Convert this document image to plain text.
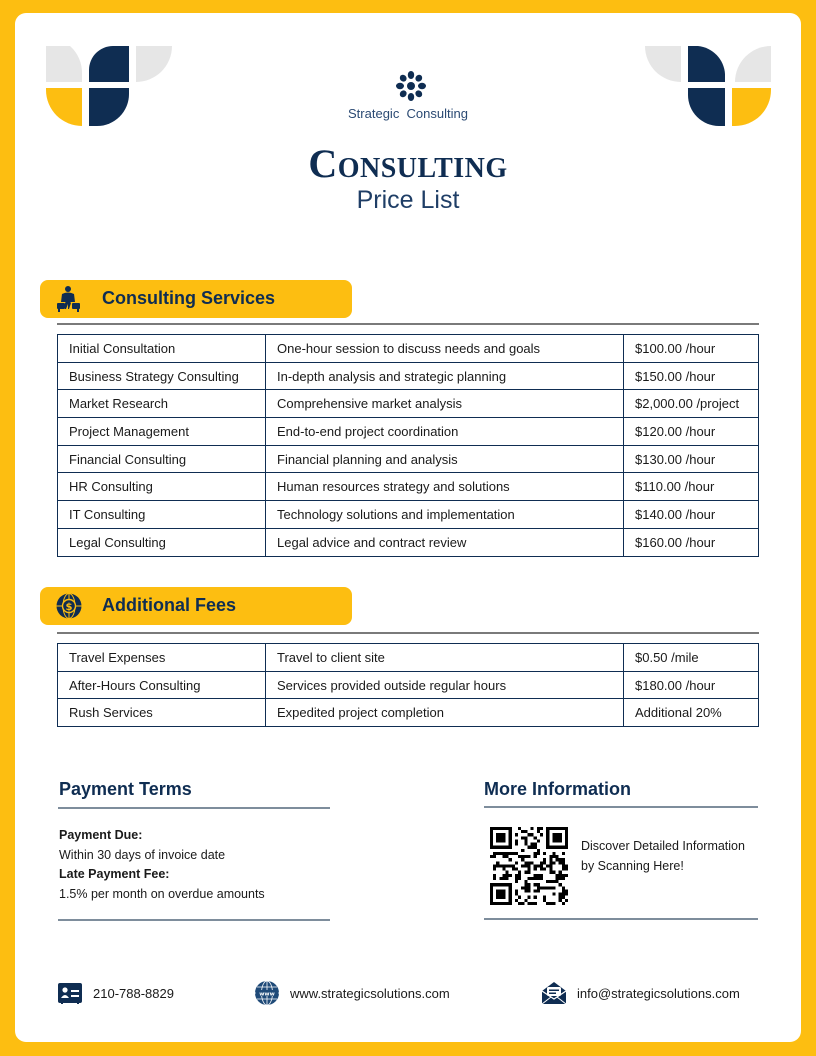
Strategic  Consulting
Consulting
Price List
Consulting Services
Initial Consultation	One-hour session to discuss needs and goals	$100.00 /hour
Business Strategy Consulting	In-depth analysis and strategic planning	$150.00 /hour
Market Research	Comprehensive market analysis	$2,000.00 /project
Project Management	End-to-end project coordination	$120.00 /hour
Financial Consulting	Financial planning and analysis	$130.00 /hour
HR Consulting	Human resources strategy and solutions	$110.00 /hour
IT Consulting	Technology solutions and implementation	$140.00 /hour
Legal Consulting	Legal advice and contract review	$160.00 /hour
$ Additional Fees
Travel Expenses	Travel to client site	$0.50 /mile
After-Hours Consulting	Services provided outside regular hours	$180.00 /hour
Rush Services	Expedited project completion	Additional 20%
Payment Terms
Payment Due:
Within 30 days of invoice date
Late Payment Fee:
1.5% per month on overdue amounts
More Information
Discover Detailed Information by Scanning Here!
210-788-8829	www www.strategicsolutions.com	info@strategicsolutions.com
